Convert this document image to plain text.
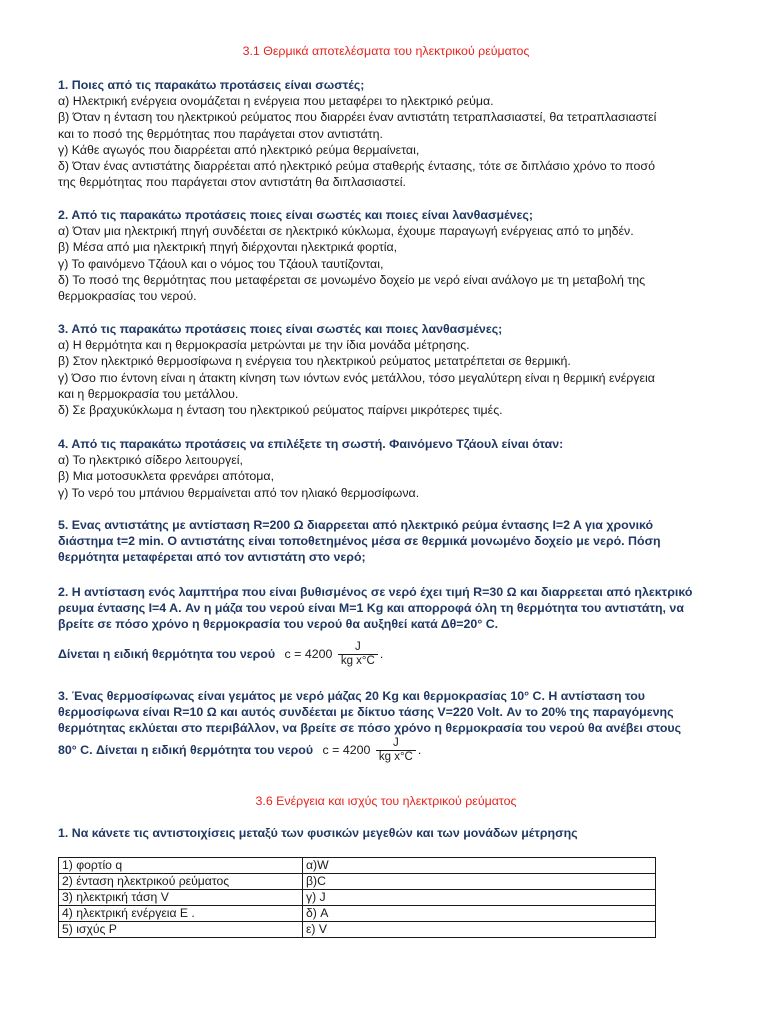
3.1 Θερμικά αποτελέσματα του ηλεκτρικού ρεύματος

1. Ποιες από τις παρακάτω προτάσεις είναι σωστές;

α) Ηλεκτρική ενέργεια ονομάζεται η ενέργεια που μεταφέρει το ηλεκτρικό ρεύμα.

β) Όταν η ένταση του ηλεκτρικού ρεύματος που διαρρέει έναν αντιστάτη τετραπλασιαστεί, θα τετραπλασιαστεί

και το ποσό της θερμότητας που παράγεται στον αντιστάτη.

γ) Κάθε αγωγός που διαρρέεται από ηλεκτρικό ρεύμα θερμαίνεται,

δ) Όταν ένας αντιστάτης διαρρέεται από ηλεκτρικό ρεύμα σταθερής έντασης, τότε σε διπλάσιο χρόνο το ποσό

της θερμότητας που παράγεται στον αντιστάτη θα διπλασιαστεί.

2. Από τις παρακάτω προτάσεις ποιες είναι σωστές και ποιες είναι λανθασμένες;

α) Όταν μια ηλεκτρική πηγή συνδέεται σε ηλεκτρικό κύκλωμα, έχουμε παραγωγή ενέργειας από το μηδέν.

β) Μέσα από μια ηλεκτρική πηγή διέρχονται ηλεκτρικά φορτία,

γ) Το φαινόμενο Τζάουλ και ο νόμος του Τζάουλ ταυτίζονται,

δ) Το ποσό της θερμότητας που μεταφέρεται σε μονωμένο δοχείο με νερό είναι ανάλογο με τη μεταβολή της

θερμοκρασίας του νερού.

3. Από τις παρακάτω προτάσεις ποιες είναι σωστές και ποιες λανθασμένες;

α) Η θερμότητα και η θερμοκρασία μετρώνται με την ίδια μονάδα μέτρησης.

β) Στον ηλεκτρικό θερμοσίφωνα η ενέργεια του ηλεκτρικού ρεύματος μετατρέπεται σε θερμική.

γ) Όσο πιο έντονη είναι η άτακτη κίνηση των ιόντων ενός μετάλλου, τόσο μεγαλύτερη είναι η θερμική ενέργεια

και η θερμοκρασία του μετάλλου.

δ) Σε βραχυκύκλωμα η ένταση του ηλεκτρικού ρεύματος παίρνει μικρότερες τιμές.

4. Από τις παρακάτω προτάσεις να επιλέξετε τη σωστή. Φαινόμενο Τζάουλ είναι όταν:

α) Το ηλεκτρικό σίδερο λειτουργεί,

β) Μια μοτοσυκλετα φρενάρει απότομα,

γ) Το νερό του μπάνιου θερμαίνεται από τον ηλιακό θερμοσίφωνα.

5. Ενας αντιστάτης με αντίσταση R=200 Ω διαρρεεται από ηλεκτρικό ρεύμα έντασης I=2 A για χρονικό

διάστημα t=2 min. Ο αντιστάτης είναι τοποθετημένος μέσα σε θερμικά μονωμένο δοχείο με νερό. Πόση

θερμότητα μεταφέρεται από τον αντιστάτη στο νερό;

2. Η αντίσταση ενός λαμπτήρα που είναι βυθισμένος σε νερό έχει τιμή R=30 Ω και διαρρεεται από ηλεκτρικό

ρευμα έντασης I=4 A. Αν η μάζα του νερού είναι M=1 Kg και απορροφά όλη τη θερμότητα του αντιστάτη, να

βρείτε σε πόσο χρόνο η θερμοκρασία του νερού θα αυξηθεί κατά Δθ=20° C.

Δίνεται η ειδική θερμότητα του νερού $c = 4200 \frac{J}{\text{kg x°C}}$ .

3. Ένας θερμοσίφωνας είναι γεμάτος με νερό μάζας 20 Kg και θερμοκρασίας 10° C. Η αντίσταση του

θερμοσίφωνα είναι R=10 Ω και αυτός συνδέεται με δίκτυο τάσης V=220 Volt. Αν το 20% της παραγόμενης

θερμότητας εκλύεται στο περιβάλλον, να βρείτε σε πόσο χρόνο η θερμοκρασία του νερού θα ανέβει στους

80° C. Δίνεται η ειδική θερμότητα του νερού $c = 4200 \frac{J}{\text{kg x°C}}$ .

3.6 Ενέργεια και ισχύς του ηλεκτρικού ρεύματος

1. Να κάνετε τις αντιστοιχίσεις μεταξύ των φυσικών μεγεθών και των μονάδων μέτρησης

1) φορτίο q	α)W
2) ένταση ηλεκτρικού ρεύματος	β)C
3) ηλεκτρική τάση V	γ) J
4) ηλεκτρική ενέργεια E .	δ) A
5) ισχύς P	ε) V
